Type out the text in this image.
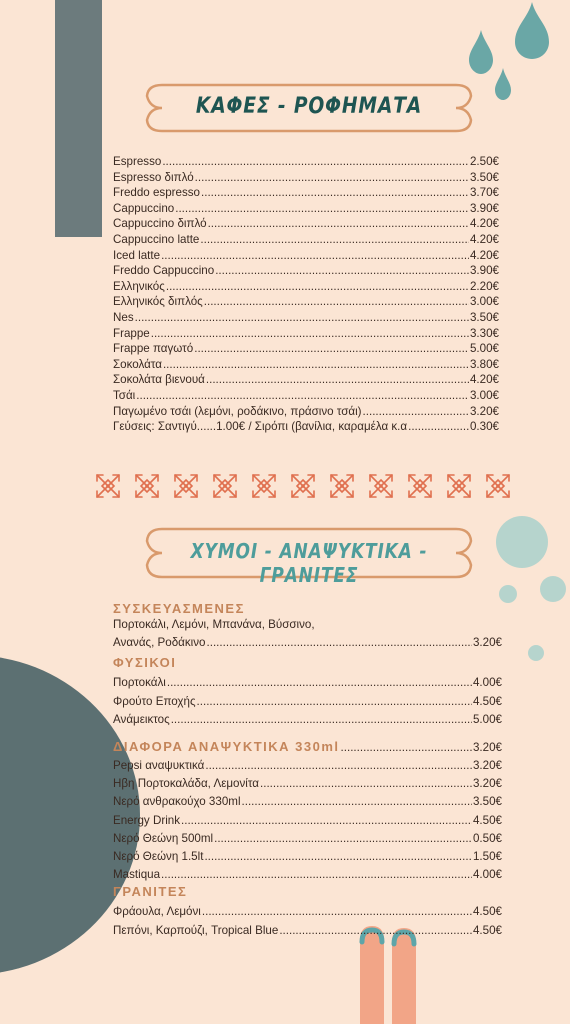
ΚΑΦΕΣ - ΡΟΦΗΜΑΤΑ
Espresso .....	2.50€
Espresso διπλό .....	3.50€
Freddo espresso .....	3.70€
Cappuccino .....	3.90€
Cappuccino διπλό .....	4.20€
Cappuccino latte .....	4.20€
Iced latte .....	4.20€
Freddo Cappuccino .....	3.90€
Ελληνικός .....	2.20€
Ελληνικός διπλός .....	3.00€
Nes .....	3.50€
Frappe .....	3.30€
Frappe παγωτό .....	5.00€
Σοκολάτα .....	3.80€
Σοκολάτα βιενουά .....	4.20€
Τσάι .....	3.00€
Παγωμένο τσάι (λεμόνι, ροδάκινο, πράσινο τσάι) .....	3.20€
Γεύσεις: Σαντιγύ......1.00€ / Σιρόπι (βανίλια, καραμέλα κ.α .....	0.30€
ΧΥΜΟΙ - ΑΝΑΨΥΚΤΙΚΑ - ΓΡΑΝΙΤΕΣ
ΣΥΣΚΕΥΑΣΜΕΝΕΣ
Πορτοκάλι, Λεμόνι, Μπανάνα, Βύσσινο,
Ανανάς, Ροδάκινο .....	3.20€
ΦΥΣΙΚΟΙ
Πορτοκάλι .....	4.00€
Φρούτο Εποχής .....	4.50€
Ανάμεικτος .....	5.00€
ΔΙΑΦΟΡΑ ΑΝΑΨΥΚΤΙΚΑ 330ml .....	3.20€
Pepsi αναψυκτικά .....	3.20€
Ηβη Πορτοκαλάδα, Λεμονίτα .....	3.20€
Νερό ανθρακούχο 330ml .....	3.50€
Energy Drink .....	4.50€
Νερό Θεώνη 500ml .....	0.50€
Νερό Θεώνη 1.5lt .....	1.50€
Mastiqua .....	4.00€
ΓΡΑΝΙΤΕΣ
Φράουλα, Λεμόνι .....	4.50€
Πεπόνι, Καρπούζι, Tropical Blue .....	4.50€
